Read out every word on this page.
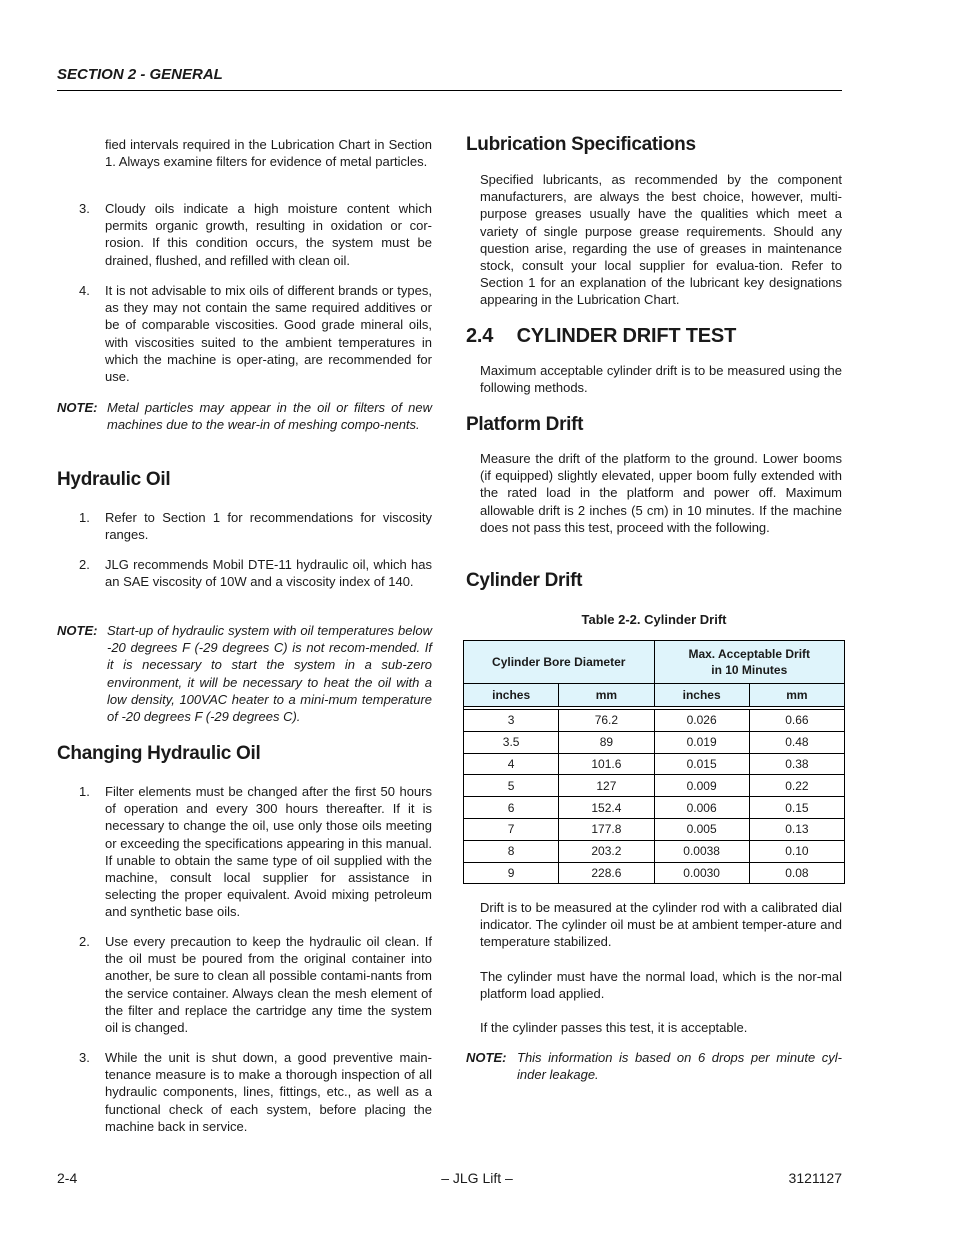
SECTION 2 - GENERAL
fied intervals required in the Lubrication Chart in Section 1. Always examine filters for evidence of metal particles.
3.	Cloudy oils indicate a high moisture content which permits organic growth, resulting in oxidation or cor-rosion. If this condition occurs, the system must be drained, flushed, and refilled with clean oil.

4.	It is not advisable to mix oils of different brands or types, as they may not contain the same required additives or be of comparable viscosities. Good grade mineral oils, with viscosities suited to the ambient temperatures in which the machine is oper-ating, are recommended for use.

NOTE: Metal particles may appear in the oil or filters of new machines due to the wear-in of meshing compo-nents.

Hydraulic Oil
1.	Refer to Section 1 for recommendations for viscosity ranges.

2.	JLG recommends Mobil DTE-11 hydraulic oil, which has an SAE viscosity of 10W and a viscosity index of 140.

NOTE: Start-up of hydraulic system with oil temperatures below -20 degrees F (-29 degrees C) is not recom-mended. If it is necessary to start the system in a sub-zero environment, it will be necessary to heat the oil with a low density, 100VAC heater to a mini-mum temperature of -20 degrees F (-29 degrees C).

Changing Hydraulic Oil
1.	Filter elements must be changed after the first 50 hours of operation and every 300 hours thereafter. If it is necessary to change the oil, use only those oils meeting or exceeding the specifications appearing in this manual. If unable to obtain the same type of oil supplied with the machine, consult local supplier for assistance in selecting the proper equivalent. Avoid mixing petroleum and synthetic base oils.

2.	Use every precaution to keep the hydraulic oil clean. If the oil must be poured from the original container into another, be sure to clean all possible contami-nants from the service container. Always clean the mesh element of the filter and replace the cartridge any time the system oil is changed.

3.	While the unit is shut down, a good preventive main-tenance measure is to make a thorough inspection of all hydraulic components, lines, fittings, etc., as well as a functional check of each system, before placing the machine back in service.

Lubrication Specifications
Specified lubricants, as recommended by the component manufacturers, are always the best choice, however, multi-purpose greases usually have the qualities which meet a variety of single purpose grease requirements. Should any question arise, regarding the use of greases in maintenance stock, consult your local supplier for evalua-tion. Refer to Section 1 for an explanation of the lubricant key designations appearing in the Lubrication Chart.
2.4 CYLINDER DRIFT TEST
Maximum acceptable cylinder drift is to be measured using the following methods.
Platform Drift
Measure the drift of the platform to the ground. Lower booms (if equipped) slightly elevated, upper boom fully extended with the rated load in the platform and power off. Maximum allowable drift is 2 inches (5 cm) in 10 minutes. If the machine does not pass this test, proceed with the following.
Cylinder Drift
Table 2-2. Cylinder Drift
Cylinder Bore Diameter		Max. Acceptable Drift
in 10 Minutes	
inches	mm	inches	mm

3	76.2	0.026	0.66
3.5	89	0.019	0.48
4	101.6	0.015	0.38
5	127	0.009	0.22
6	152.4	0.006	0.15
7	177.8	0.005	0.13
8	203.2	0.0038	0.10
9	228.6	0.0030	0.08
Drift is to be measured at the cylinder rod with a calibrated dial indicator. The cylinder oil must be at ambient temper-ature and temperature stabilized.
The cylinder must have the normal load, which is the nor-mal platform load applied.
If the cylinder passes this test, it is acceptable.
NOTE: This information is based on 6 drops per minute cyl-inder leakage.

2-4	– JLG Lift –	3121127
